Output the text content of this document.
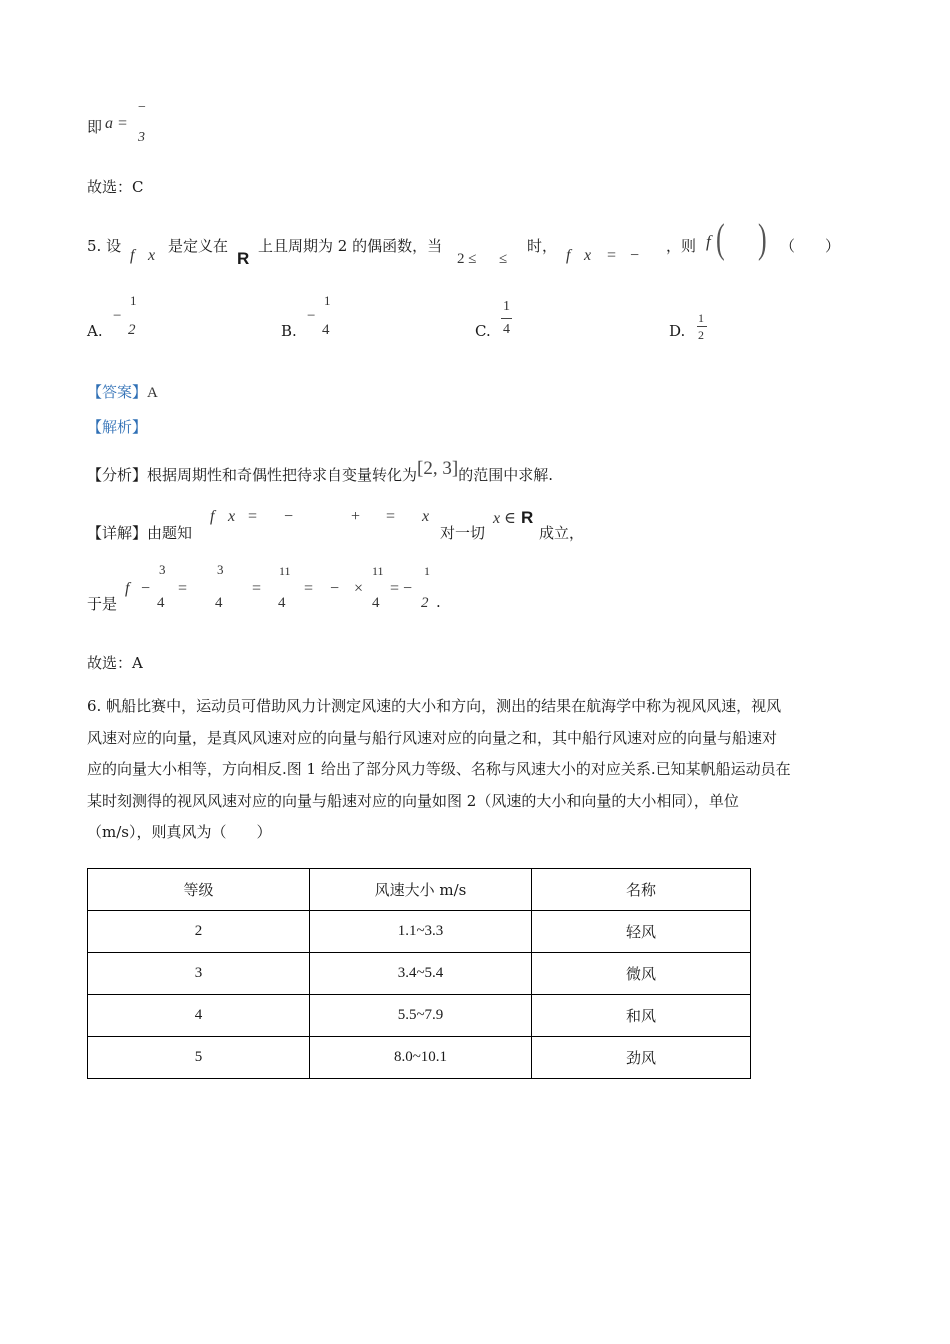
即 a =
−
3
故选：C
5. 设
f x
是定义在
R
上且周期为 2 的偶函数，当
2 ≤ ≤
时，
f x = −
，则 f ( ) （　　）
A.
−
1
2	B.
−
1
4	C.
1
4	D.
1
2
【答案】A
【解析】
【分析】根据周期性和奇偶性把待求自变量转化为[2, 3]的范围中求解.
【详解】由题知
f x = −	+ = x
对一切
x ∈ R
成立，
于是
f −
3
4
=
3
4
=
11
4
= − ×
11
4
= −
1
2 .
故选：A
6. 帆船比赛中，运动员可借助风力计测定风速的大小和方向，测出的结果在航海学中称为视风风速，视风
风速对应的向量，是真风风速对应的向量与船行风速对应的向量之和，其中船行风速对应的向量与船速对
应的向量大小相等，方向相反.图 1 给出了部分风力等级、名称与风速大小的对应关系.已知某帆船运动员在
某时刻测得的视风风速对应的向量与船速对应的向量如图 2（风速的大小和向量的大小相同），单位
（m/s），则真风为（　　）
等级	风速大小 m/s	名称
2	1.1~3.3	轻风
3	3.4~5.4	微风
4	5.5~7.9	和风
5	8.0~10.1	劲风
